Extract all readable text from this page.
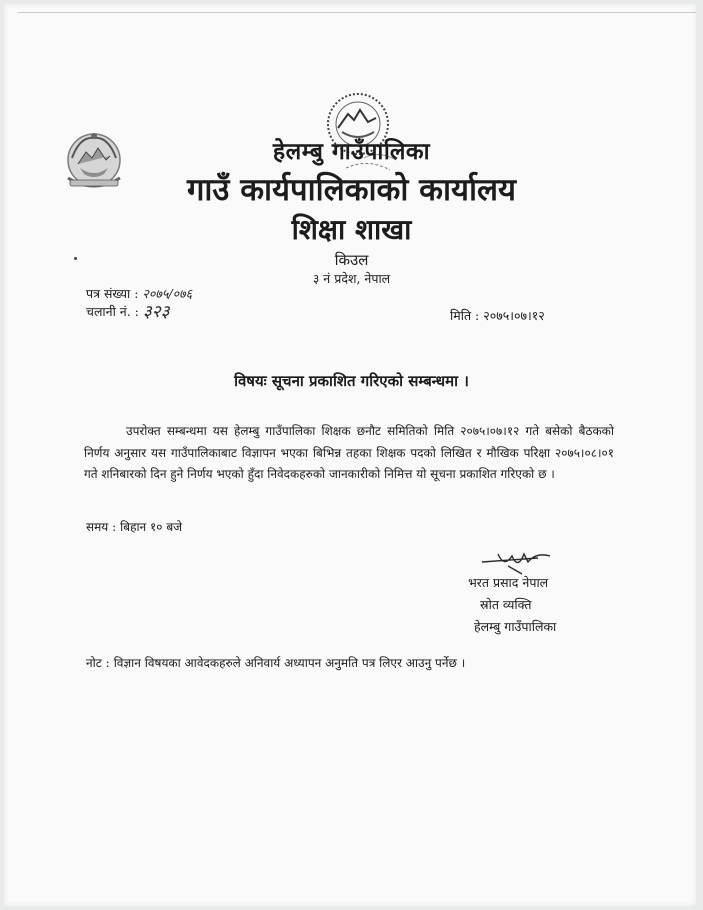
हेलम्बु गाउँपालिका
गाउँ कार्यपालिकाको कार्यालय
शिक्षा शाखा
किउल
३ नं प्रदेश, नेपाल
पत्र संख्या : २०७५/०७६
चलानी नं. : ३२३	मिति : २०७५।०७।१२
विषयः सूचना प्रकाशित गरिएको सम्बन्धमा ।
उपरोक्त सम्बन्धमा यस हेलम्बु गाउँपालिका शिक्षक छनौट समितिको मिति २०७५।०७।१२ गते बसेको बैठकको निर्णय अनुसार यस गाउँपालिकाबाट विज्ञापन भएका बिभिन्न तहका शिक्षक पदको लिखित र मौखिक परिक्षा २०७५।०८।०१ गते शनिबारको दिन हुने निर्णय भएको हुँदा निवेदकहरुको जानकारीको निमित्त यो सूचना प्रकाशित गरिएको छ ।
समय : बिहान १० बजे
भरत प्रसाद नेपाल
स्रोत व्यक्ति
हेलम्बु गाउँपालिका
नोट : विज्ञान विषयका आवेदकहरुले अनिवार्य अध्यापन अनुमति पत्र लिएर आउनु पर्नेछ ।
